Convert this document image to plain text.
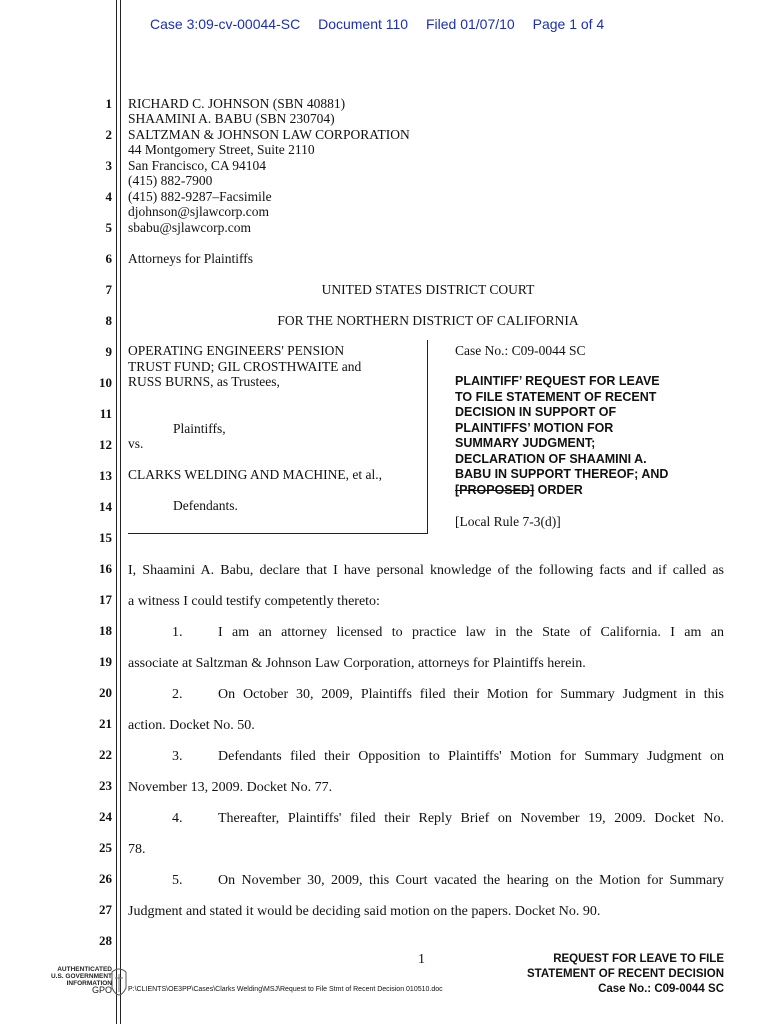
Case 3:09-cv-00044-SC Document 110 Filed 01/07/10 Page 1 of 4
1
2
3
4
5
6
7
8
9
10
11
12
13
14
15
16
17
18
19
20
21
22
23
24
25
26
27
28
RICHARD C. JOHNSON (SBN 40881)
SHAAMINI A. BABU (SBN 230704)
SALTZMAN & JOHNSON LAW CORPORATION
44 Montgomery Street, Suite 2110
San Francisco, CA 94104
(415) 882-7900
(415) 882-9287–Facsimile
djohnson@sjlawcorp.com
sbabu@sjlawcorp.com
Attorneys for Plaintiffs
UNITED STATES DISTRICT COURT
FOR THE NORTHERN DISTRICT OF CALIFORNIA
OPERATING ENGINEERS' PENSION
TRUST FUND; GIL CROSTHWAITE and
RUSS BURNS, as Trustees,
Plaintiffs,
vs.
CLARKS WELDING AND MACHINE, et al.,
Defendants.
Case No.: C09-0044 SC
PLAINTIFF’ REQUEST FOR LEAVE
TO FILE STATEMENT OF RECENT
DECISION IN SUPPORT OF
PLAINTIFFS’ MOTION FOR
SUMMARY JUDGMENT;
DECLARATION OF SHAAMINI A.
BABU IN SUPPORT THEREOF; AND
[PROPOSED] ORDER
[Local Rule 7-3(d)]
I, Shaamini A. Babu, declare that I have personal knowledge of the following facts and if called as
a witness I could testify competently thereto:
1.	I am an attorney licensed to practice law in the State of California. I am an
associate at Saltzman & Johnson Law Corporation, attorneys for Plaintiffs herein.
2.	On October 30, 2009, Plaintiffs filed their Motion for Summary Judgment in this
action. Docket No. 50.
3.	Defendants filed their Opposition to Plaintiffs' Motion for Summary Judgment on
November 13, 2009. Docket No. 77.
4.	Thereafter, Plaintiffs' filed their Reply Brief on November 19, 2009. Docket No.
78.
5.	On November 30, 2009, this Court vacated the hearing on the Motion for Summary
Judgment and stated it would be deciding said motion on the papers. Docket No. 90.
1	REQUEST FOR LEAVE TO FILE
STATEMENT OF RECENT DECISION
Case No.: C09-0044 SC
P:\CLIENTS\OE3PP\Cases\Clarks Welding\MSJ\Request to File Stmt of Recent Decision 010510.doc
AUTHENTICATED
U.S. GOVERNMENT
INFORMATION
GPO
